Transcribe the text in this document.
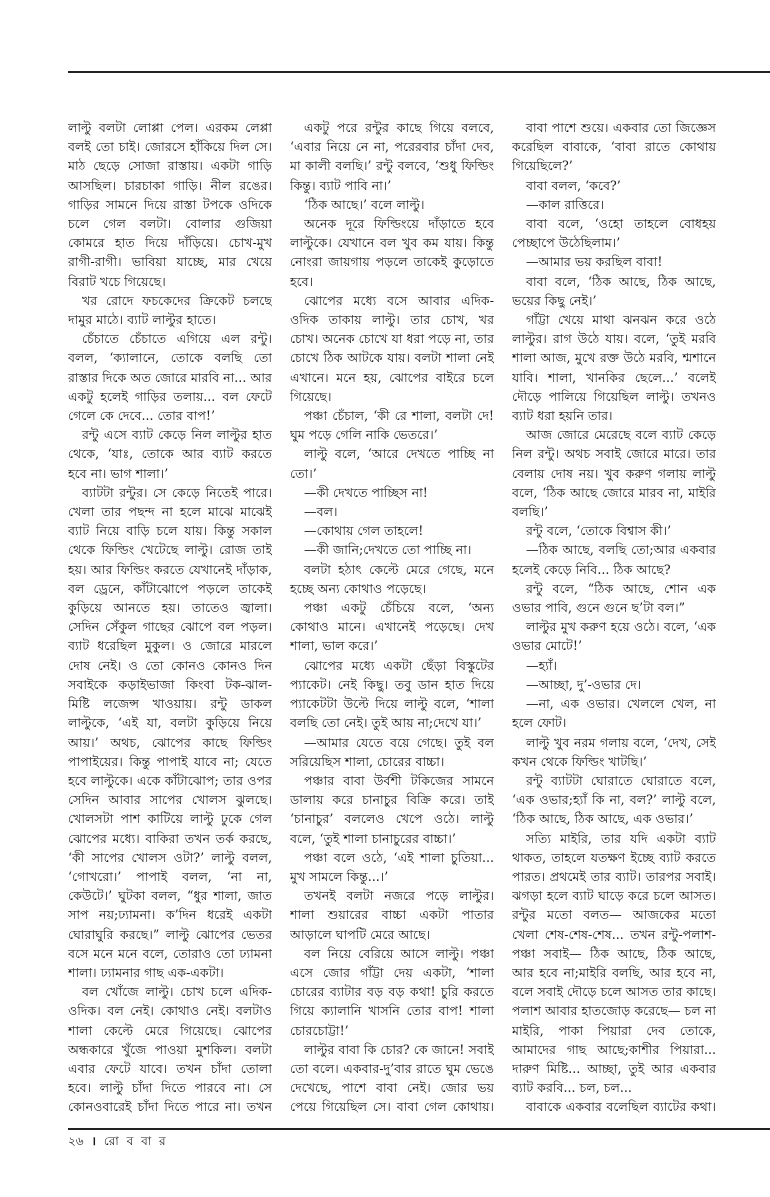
লাল্টু বলটা লোপ্পা পেল। এরকম লেপ্পা বলই তো চাই। জোরসে হাঁকিয়ে দিল সে। মাঠ ছেড়ে সোজা রাস্তায়। একটা গাড়ি আসছিল। চারচাকা গাড়ি। নীল রঙের। গাড়ির সামনে দিয়ে রাস্তা টপকে ওদিকে চলে গেল বলটা। বোলার গুজিয়া কোমরে হাত দিয়ে দাঁড়িয়ে। চোখ-মুখ রাগী-রাগী। ভাবিয়া যাচ্ছে, মার খেয়ে বিরাট খচে গিয়েছে।

খর রোদে ফচকেদের ক্রিকেট চলছে দামুর মাঠে। ব্যাট লাল্টুর হাতে।

চেঁচাতে চেঁচাতে এগিয়ে এল রন্টু। বলল, ‘ক্যালানে, তোকে বলছি তো রাস্তার দিকে অত জোরে মারবি না... আর একটু হলেই গাড়ির তলায়... বল ফেটে গেলে কে দেবে... তোর বাপ!’

রন্টু এসে ব্যাট কেড়ে নিল লাল্টুর হাত থেকে, ‘যাঃ, তোকে আর ব্যাট করতে হবে না। ভাগ শালা।’

ব্যাটটা রন্টুর। সে কেড়ে নিতেই পারে। খেলা তার পছন্দ না হলে মাঝে মাঝেই ব্যাট নিয়ে বাড়ি চলে যায়। কিন্তু সকাল থেকে ফিল্ডিং খেটেছে লাল্টু। রোজ তাই হয়। আর ফিল্ডিং করতে যেখানেই দাঁড়াক, বল ড্রেনে, কাঁটাঝোপে পড়লে তাকেই কুড়িয়ে আনতে হয়। তাতেও জ্বালা। সেদিন সেঁকুল গাছের ঝোপে বল পড়ল। ব্যাট ধরেছিল মুকুল। ও জোরে মারলে দোষ নেই। ও তো কোনও কোনও দিন সবাইকে কড়াইভাজা কিংবা টক-ঝাল-মিষ্টি লজেন্স খাওয়ায়। রন্টু ডাকল লাল্টুকে, ‘এই যা, বলটা কুড়িয়ে নিয়ে আয়।’ অথচ, ঝোপের কাছে ফিল্ডিং পাপাইয়ের। কিন্তু পাপাই যাবে না; যেতে হবে লাল্টুকে। একে কাঁটাঝোপ; তার ওপর সেদিন আবার সাপের খোলস ঝুলছে। খোলসটা পাশ কাটিয়ে লাল্টু ঢুকে গেল ঝোপের মধ্যে। বাকিরা তখন তর্ক করছে, ‘কী সাপের খোলস ওটা?’ লাল্টু বলল, ‘গোখরো।’ পাপাই বলল, ‘না না, কেউটে।’ ঘুটকা বলল, “ধুর শালা, জাত সাপ নয়;ঢ্যামনা। ক’দিন ধরেই একটা ঘোরাঘুরি করছে।” লাল্টু ঝোপের ভেতর বসে মনে মনে বলে, তোরাও তো ঢ্যামনা শালা। ঢ্যামনার গাছ এক-একটা।

বল খোঁজে লাল্টু। চোখ চলে এদিক-ওদিক। বল নেই। কোথাও নেই। বলটাও শালা কেল্টে মেরে গিয়েছে। ঝোপের অন্ধকারে খুঁজে পাওয়া মুশকিল। বলটা এবার ফেটে যাবে। তখন চাঁদা তোলা হবে। লাল্টু চাঁদা দিতে পারবে না। সে কোনওবারেই চাঁদা দিতে পারে না। তখন

একটু পরে রন্টুর কাছে গিয়ে বলবে, ‘এবার নিয়ে নে না, পরেরবার চাঁদা দেব, মা কালী বলছি।’ রন্টু বলবে, ‘শুধু ফিল্ডিং কিন্তু। ব্যাট পাবি না।’

‘ঠিক আছে।’ বলে লাল্টু।

অনেক দূরে ফিল্ডিংয়ে দাঁড়াতে হবে লাল্টুকে। যেখানে বল খুব কম যায়। কিন্তু নোংরা জায়গায় পড়লে তাকেই কুড়োতে হবে।

ঝোপের মধ্যে বসে আবার এদিক-ওদিক তাকায় লাল্টু। তার চোখ, খর চোখ। অনেক চোখে যা ধরা পড়ে না, তার চোখে ঠিক আটকে যায়। বলটা শালা নেই এখানে। মনে হয়, ঝোপের বাইরে চলে গিয়েছে।

পঞ্চা চেঁচাল, ‘কী রে শালা, বলটা দে! ঘুম পড়ে গেলি নাকি ভেতরে।’

লাল্টু বলে, ‘আরে দেখতে পাচ্ছি না তো।’

—কী দেখতে পাচ্ছিস না!

—বল।

—কোথায় গেল তাহলে!

—কী জানি;দেখতে তো পাচ্ছি না।

বলটা হঠাৎ কেল্টে মেরে গেছে, মনে হচ্ছে অন্য কোথাও পড়েছে।

পঞ্চা একটু চেঁচিয়ে বলে, ‘অন্য কোথাও মানে। এখানেই পড়েছে। দেখ শালা, ভাল করে।’

ঝোপের মধ্যে একটা ছেঁড়া বিস্কুটের প্যাকেট। নেই কিছু। তবু ডান হাত দিয়ে প্যাকেটটা উল্টে দিয়ে লাল্টু বলে, ‘শালা বলছি তো নেই। তুই আয় না;দেখে যা।’

—আমার যেতে বয়ে গেছে। তুই বল সরিয়েছিস শালা, চোরের বাচ্চা।

পঞ্চার বাবা উর্বশী টকিজের সামনে ডালায় করে চানাচুর বিক্রি করে। তাই ‘চানাচুর’ বললেও খেপে ওঠে। লাল্টু বলে, ‘তুই শালা চানাচুরের বাচ্চা।’

পঞ্চা বলে ওঠে, ‘এই শালা চুতিয়া... মুখ সামলে কিন্তু...।’

তখনই বলটা নজরে পড়ে লাল্টুর। শালা শুয়ারের বাচ্চা একটা পাতার আড়ালে ঘাপটি মেরে আছে।

বল নিয়ে বেরিয়ে আসে লাল্টু। পঞ্চা এসে জোর গাঁট্টা দেয় একটা, ‘শালা চোরের ব্যাটার বড় বড় কথা! চুরি করতে গিয়ে ক্যালানি খাসনি তোর বাপ! শালা চোরচোট্টা!’

লাল্টুর বাবা কি চোর? কে জানে! সবাই তো বলে। একবার-দু’বার রাতে ঘুম ভেঙে দেখেছে, পাশে বাবা নেই। জোর ভয় পেয়ে গিয়েছিল সে। বাবা গেল কোথায়।

বাবা পাশে শুয়ে। একবার তো জিজ্ঞেস করেছিল বাবাকে, ‘বাবা রাতে কোথায় গিয়েছিলে?’

বাবা বলল, ‘কবে?’

—কাল রাত্তিরে।

বাবা বলে, ‘ওহো তাহলে বোধহয় পেচ্ছাপে উঠেছিলাম।’

—আমার ভয় করছিল বাবা!

বাবা বলে, ‘ঠিক আছে, ঠিক আছে, ভয়ের কিছু নেই।’

গাঁট্টা খেয়ে মাথা ঝনঝন করে ওঠে লাল্টুর। রাগ উঠে যায়। বলে, ‘তুই মরবি শালা আজ, মুখে রক্ত উঠে মরবি, শ্মশানে যাবি। শালা, খানকির ছেলে...’ বলেই দৌড়ে পালিয়ে গিয়েছিল লাল্টু। তখনও ব্যাট ধরা হয়নি তার।

আজ জোরে মেরেছে বলে ব্যাট কেড়ে নিল রন্টু। অথচ সবাই জোরে মারে। তার বেলায় দোষ নয়। খুব করুণ গলায় লাল্টু বলে, ‘ঠিক আছে জোরে মারব না, মাইরি বলছি।’

রন্টু বলে, ‘তোকে বিশ্বাস কী।’

—ঠিক আছে, বলছি তো;আর একবার হলেই কেড়ে নিবি... ঠিক আছে?

রন্টু বলে, “ঠিক আছে, শোন এক ওভার পাবি, গুনে গুনে ছ’টা বল।”

লাল্টুর মুখ করুণ হয়ে ওঠে। বলে, ‘এক ওভার মোটে!’

—হ্যাঁ।

—আচ্ছা, দু’-ওভার দে।

—না, এক ওভার। খেললে খেল, না হলে ফোট।

লাল্টু খুব নরম গলায় বলে, ‘দেখ, সেই কখন থেকে ফিল্ডিং খাটছি।’

রন্টু ব্যাটটা ঘোরাতে ঘোরাতে বলে, ‘এক ওভার;হ্যাঁ কি না, বল?’ লাল্টু বলে, ‘ঠিক আছে, ঠিক আছে, এক ওভার।’

সত্যি মাইরি, তার যদি একটা ব্যাট থাকত, তাহলে যতক্ষণ ইচ্ছে ব্যাট করতে পারত। প্রথমেই তার ব্যাট। তারপর সবাই। ঝগড়া হলে ব্যাট ঘাড়ে করে চলে আসত। রন্টুর মতো বলত— আজকের মতো খেলা শেষ-শেষ-শেষ... তখন রন্টু-পলাশ-পঞ্চা সবাই— ঠিক আছে, ঠিক আছে, আর হবে না;মাইরি বলছি, আর হবে না, বলে সবাই দৌড়ে চলে আসত তার কাছে। পলাশ আবার হাতজোড় করেছে— চল না মাইরি, পাকা পিয়ারা দেব তোকে, আমাদের গাছ আছে;কাশীর পিয়ারা... দারুণ মিষ্টি... আচ্ছা, তুই আর একবার ব্যাট করবি... চল, চল...

বাবাকে একবার বলেছিল ব্যাটের কথা।

২৬ । রো ব বা র
